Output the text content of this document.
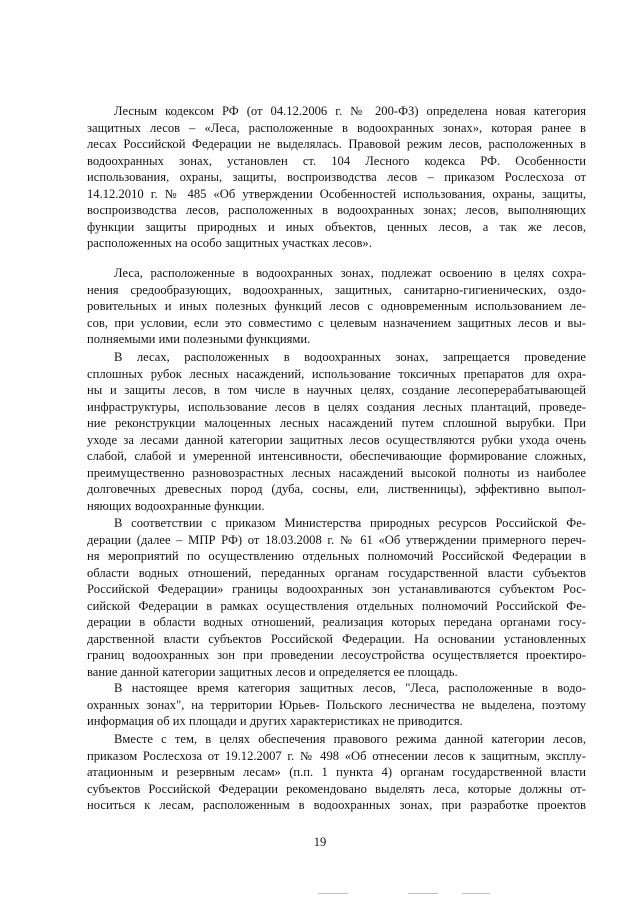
Лесным кодексом РФ (от 04.12.2006 г. № 200-ФЗ) определена новая категория
защитных лесов – «Леса, расположенные в водоохранных зонах», которая ранее в
лесах Российской Федерации не выделялась. Правовой режим лесов, расположенных в
водоохранных зонах, установлен ст. 104 Лесного кодекса РФ. Особенности
использования, охраны, защиты, воспроизводства лесов – приказом Рослесхоза от
14.12.2010 г. № 485 «Об утверждении Особенностей использования, охраны, защиты,
воспроизводства лесов, расположенных в водоохранных зонах; лесов, выполняющих
функции защиты природных и иных объектов, ценных лесов, а так же лесов,
расположенных на особо защитных участках лесов».
Леса, расположенные в водоохранных зонах, подлежат освоению в целях сохра-
нения средообразующих, водоохранных, защитных, санитарно-гигиенических, оздо-
ровительных и иных полезных функций лесов с одновременным использованием ле-
сов, при условии, если это совместимо с целевым назначением защитных лесов и вы-
полняемыми ими полезными функциями.
В лесах, расположенных в водоохранных зонах, запрещается проведение
сплошных рубок лесных насаждений, использование токсичных препаратов для охра-
ны и защиты лесов, в том числе в научных целях, создание лесоперерабатывающей
инфраструктуры, использование лесов в целях создания лесных плантаций, проведе-
ние реконструкции малоценных лесных насаждений путем сплошной вырубки. При
уходе за лесами данной категории защитных лесов осуществляются рубки ухода очень
слабой, слабой и умеренной интенсивности, обеспечивающие формирование сложных,
преимущественно разновозрастных лесных насаждений высокой полноты из наиболее
долговечных древесных пород (дуба, сосны, ели, лиственницы), эффективно выпол-
няющих водоохранные функции.
В соответствии с приказом Министерства природных ресурсов Российской Фе-
дерации (далее – МПР РФ) от 18.03.2008 г. № 61 «Об утверждении примерного переч-
ня мероприятий по осуществлению отдельных полномочий Российской Федерации в
области водных отношений, переданных органам государственной власти субъектов
Российской Федерации» границы водоохранных зон устанавливаются субъектом Рос-
сийской Федерации в рамках осуществления отдельных полномочий Российской Фе-
дерации в области водных отношений, реализация которых передана органами госу-
дарственной власти субъектов Российской Федерации. На основании установленных
границ водоохранных зон при проведении лесоустройства осуществляется проектиро-
вание данной категории защитных лесов и определяется ее площадь.
В настоящее время категория защитных лесов, "Леса, расположенные в водо-
охранных зонах", на территории Юрьев- Польского лесничества не выделена, поэтому
информация об их площади и других характеристиках не приводится.
Вместе с тем, в целях обеспечения правового режима данной категории лесов,
приказом Рослесхоза от 19.12.2007 г. № 498 «Об отнесении лесов к защитным, эксплу-
атационным и резервным лесам» (п.п. 1 пункта 4) органам государственной власти
субъектов Российской Федерации рекомендовано выделять леса, которые должны от-
носиться к лесам, расположенным в водоохранных зонах, при разработке проектов
19
